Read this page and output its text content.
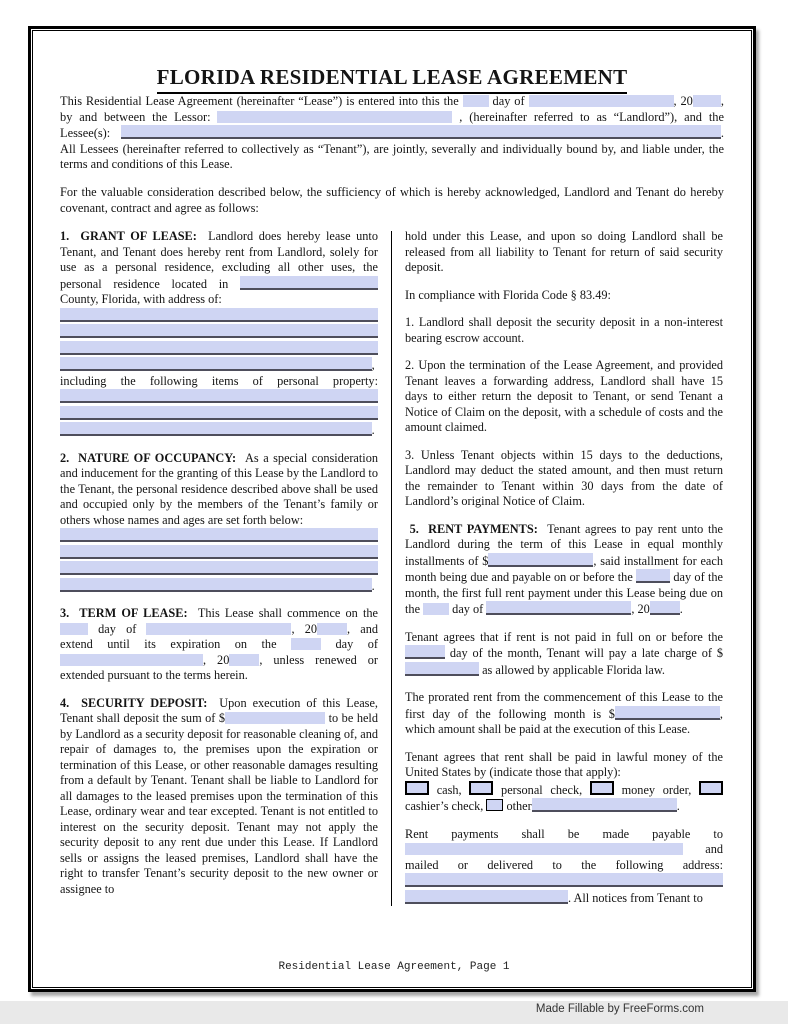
FLORIDA RESIDENTIAL LEASE AGREEMENT
This Residential Lease Agreement (hereinafter “Lease”) is entered into this the  day of	, 20 , by and between the Lessor:	, (hereinafter referred to as “Landlord”), and the Lessee(s):	. All Lessees (hereinafter referred to collectively as “Tenant”), are jointly, severally and individually bound by, and liable under, the terms and conditions of this Lease.
For the valuable consideration described below, the sufficiency of which is hereby acknowledged, Landlord and Tenant do hereby covenant, contract and agree as follows:
1.  GRANT OF LEASE:  Landlord does hereby lease unto Tenant, and Tenant does hereby rent from Landlord, solely for use as a personal residence, excluding all other uses, the personal residence located in  County, Florida, with address of:
,
including the following items of personal property:.
2.  NATURE OF OCCUPANCY:  As a special consideration and inducement for the granting of this Lease by the Landlord to the Tenant, the personal residence described above shall be used and occupied only by the members of the Tenant’s family or others whose names and ages are set forth below:
.
3.  TERM OF LEASE:  This Lease shall commence on the  day of	, 20 , and extend until its expiration on the  day of , 20 , unless renewed or extended pursuant to the terms herein.
4.  SECURITY DEPOSIT:  Upon execution of this Lease, Tenant shall deposit the sum of $	to be held by Landlord as a security deposit for reasonable cleaning of, and repair of damages to, the premises upon the expiration or termination of this Lease, or other reasonable damages resulting from a default by Tenant. Tenant shall be liable to Landlord for all damages to the leased premises upon the termination of this Lease, ordinary wear and tear excepted. Tenant is not entitled to interest on the security deposit. Tenant may not apply the security deposit to any rent due under this Lease. If Landlord sells or assigns the leased premises, Landlord shall have the right to transfer Tenant’s security deposit to the new owner or assignee to
hold under this Lease, and upon so doing Landlord shall be released from all liability to Tenant for return of said security deposit.
In compliance with Florida Code § 83.49:
1. Landlord shall deposit the security deposit in a non-interest bearing escrow account.
2. Upon the termination of the Lease Agreement, and provided Tenant leaves a forwarding address, Landlord shall have 15 days to either return the deposit to Tenant, or send Tenant a Notice of Claim on the deposit, with a schedule of costs and the amount claimed.
3. Unless Tenant objects within 15 days to the deductions, Landlord may deduct the stated amount, and then must return the remainder to Tenant within 30 days from the date of Landlord’s original Notice of Claim.
5.  RENT PAYMENTS:  Tenant agrees to pay rent unto the Landlord during the term of this Lease in equal monthly installments of $	, said installment for each month being due and payable on or before the	day of the month, the first full rent payment under this Lease being due on the  day of	, 20 .
Tenant agrees that if rent is not paid in full on or before the  day of the month, Tenant will pay a late charge of $ as allowed by applicable Florida law.
The prorated rent from the commencement of this Lease to the first day of the following month is $	, which amount shall be paid at the execution of this Lease.
Tenant agrees that rent shall be paid in lawful money of the United States by (indicate those that apply):
cash,  personal check,  money order,  cashier’s check,  other	.
Rent payments shall be made payable to  and mailed or delivered to the following address: . All notices from Tenant to
Residential Lease Agreement, Page 1
Made Fillable by FreeForms.com
